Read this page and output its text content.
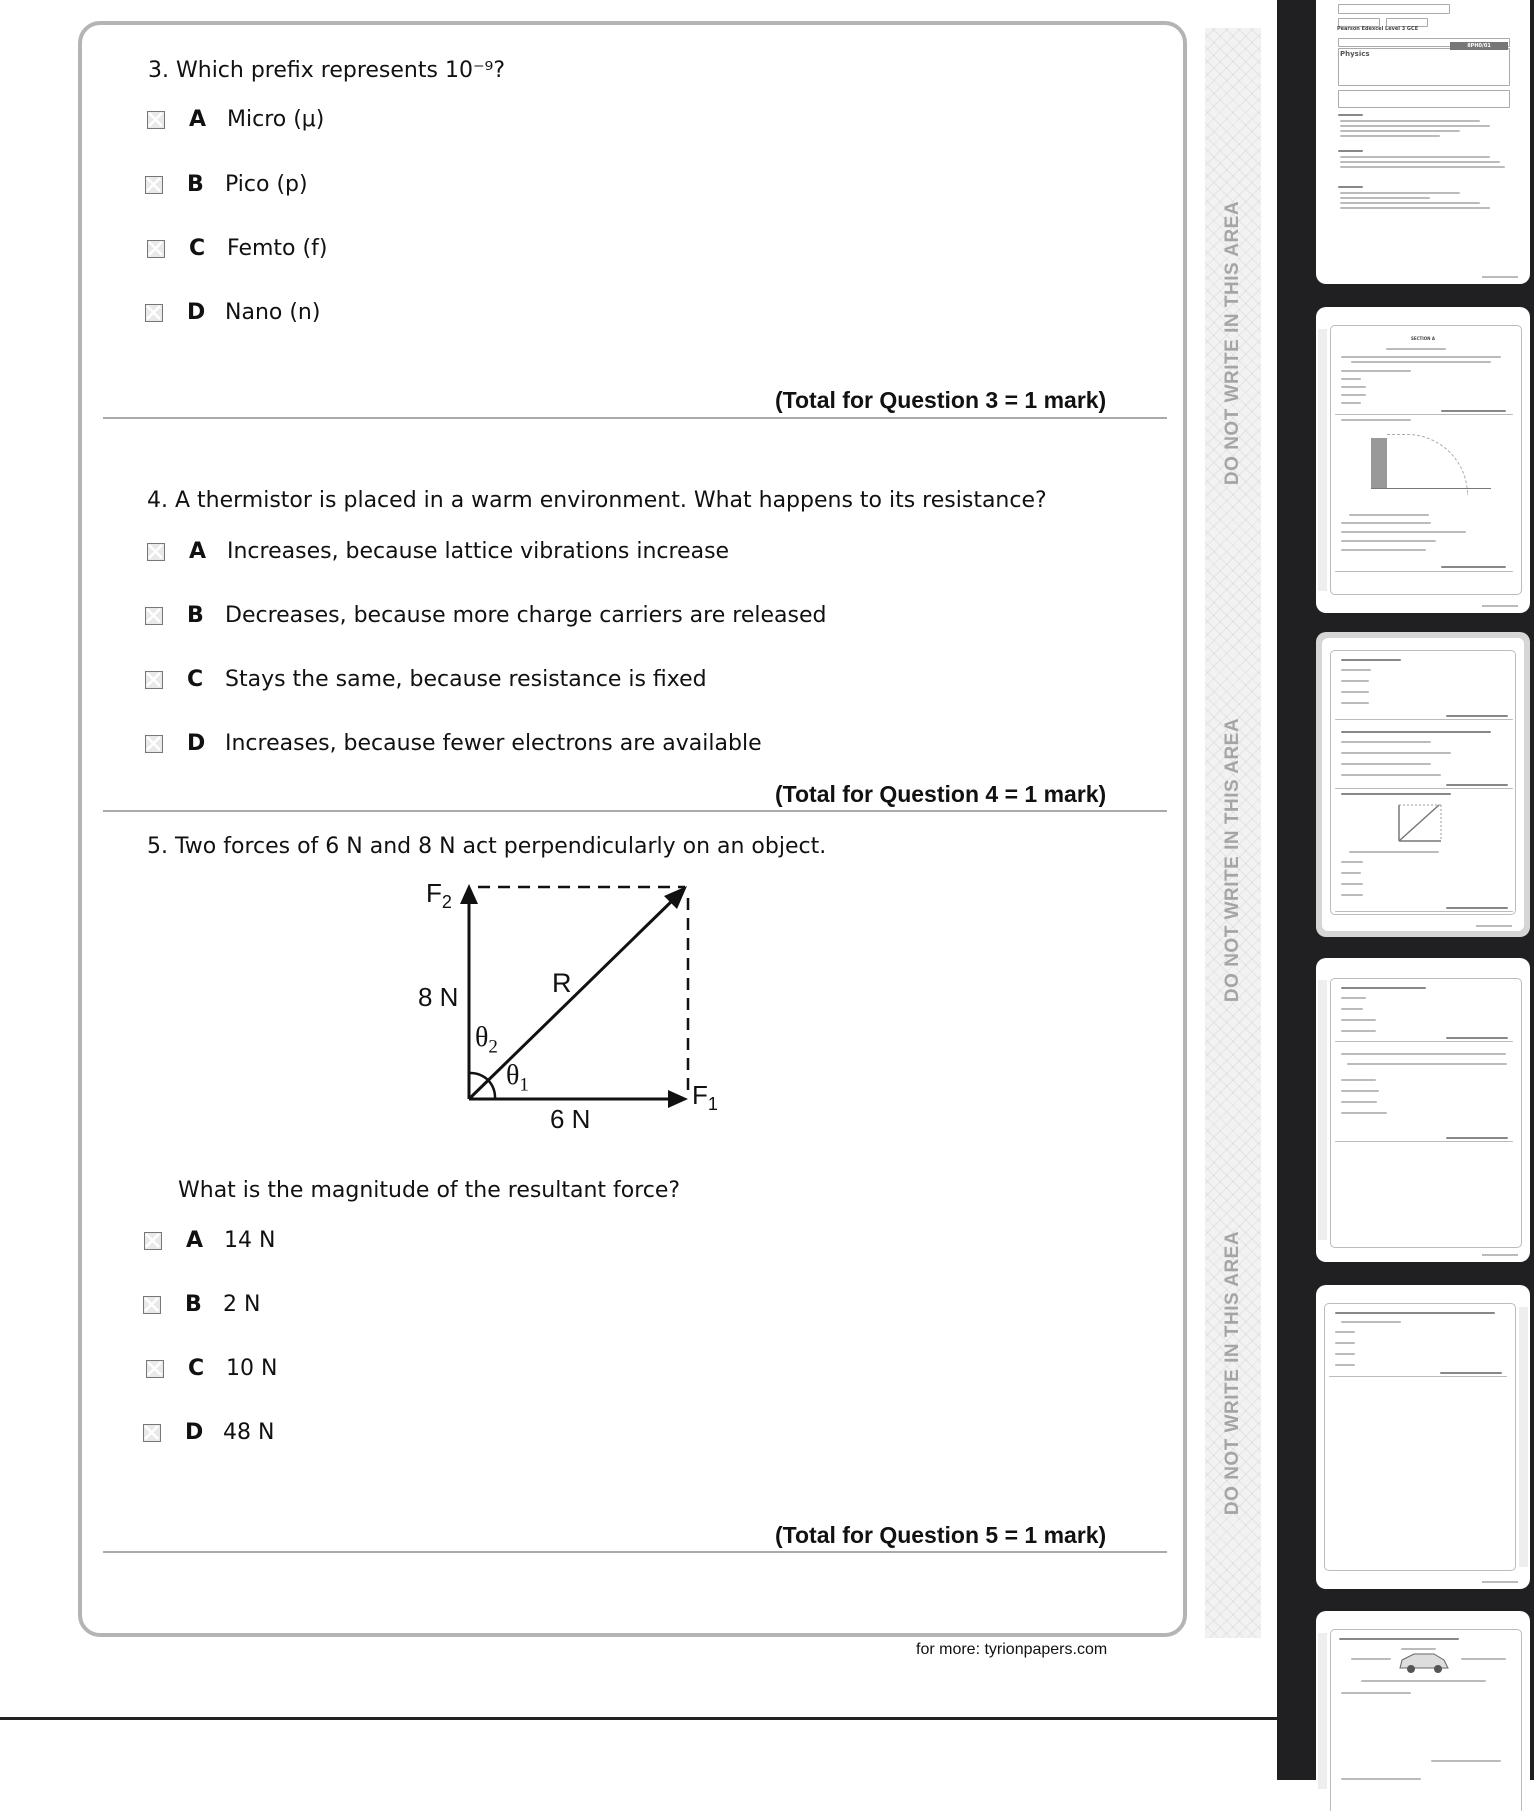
3. Which prefix represents 10⁻⁹?
A Micro (μ)
B Pico (p)
C Femto (f)
D Nano (n)
(Total for Question 3 = 1 mark)
4. A thermistor is placed in a warm environment. What happens to its resistance?
A Increases, because lattice vibrations increase
B Decreases, because more charge carriers are released
C Stays the same, because resistance is fixed
D Increases, because fewer electrons are available
(Total for Question 4 = 1 mark)
5. Two forces of 6 N and 8 N act perpendicularly on an object.
$F_2$
8 N	R
$\theta_2$
$\theta_1$	$F_1$
6 N
What is the magnitude of the resultant force?
A 14 N
B 2 N
C 10 N
D 48 N
(Total for Question 5 = 1 mark)
DO NOT WRITE IN THIS AREA
DO NOT WRITE IN THIS AREA
DO NOT WRITE IN THIS AREA
for more: tyrionpapers.com
Pearson Edexcel Level 3 GCE
8PH0/01
Physics
SECTION A
